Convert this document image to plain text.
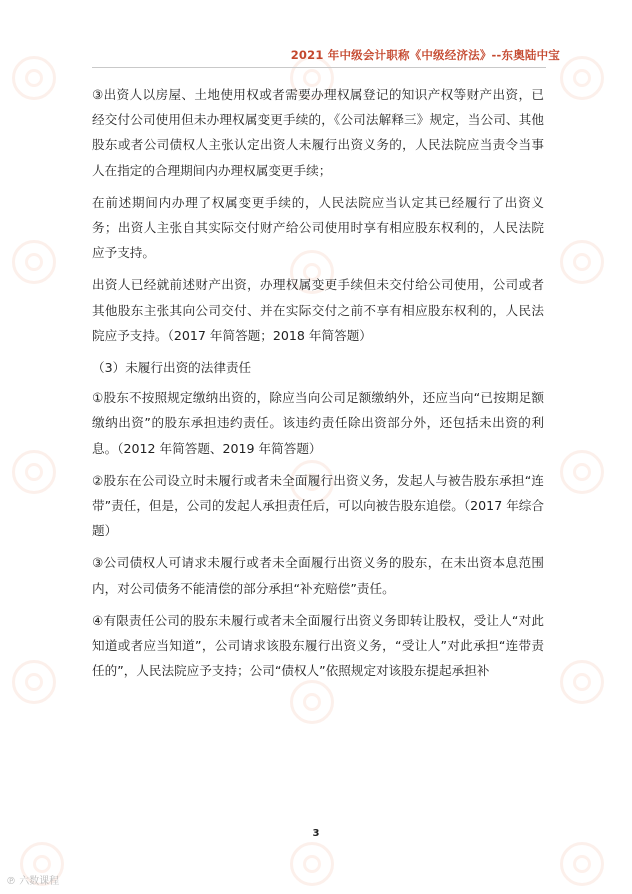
2021 年中级会计职称《中级经济法》--东奥陆中宝

③出资人以房屋、土地使用权或者需要办理权属登记的知识产权等财产出资，已经交付公司使用但未办理权属变更手续的，《公司法解释三》规定，当公司、其他股东或者公司债权人主张认定出资人未履行出资义务的，人民法院应当责令当事人在指定的合理期间内办理权属变更手续；

在前述期间内办理了权属变更手续的，人民法院应当认定其已经履行了出资义务；出资人主张自其实际交付财产给公司使用时享有相应股东权利的，人民法院应予支持。

出资人已经就前述财产出资，办理权属变更手续但未交付给公司使用，公司或者其他股东主张其向公司交付、并在实际交付之前不享有相应股东权利的，人民法院应予支持。（2017 年简答题；2018 年简答题）

（3）未履行出资的法律责任

①股东不按照规定缴纳出资的，除应当向公司足额缴纳外，还应当向“已按期足额缴纳出资”的股东承担违约责任。该违约责任除出资部分外，还包括未出资的利息。（2012 年简答题、2019 年简答题）

②股东在公司设立时未履行或者未全面履行出资义务，发起人与被告股东承担“连带”责任，但是，公司的发起人承担责任后，可以向被告股东追偿。（2017 年综合题）

③公司债权人可请求未履行或者未全面履行出资义务的股东，在未出资本息范围内，对公司债务不能清偿的部分承担“补充赔偿”责任。

④有限责任公司的股东未履行或者未全面履行出资义务即转让股权，受让人“对此知道或者应当知道”，公司请求该股东履行出资义务，“受让人”对此承担“连带责任的”，人民法院应予支持；公司“债权人”依照规定对该股东提起承担补

3
℗ 六数课程
